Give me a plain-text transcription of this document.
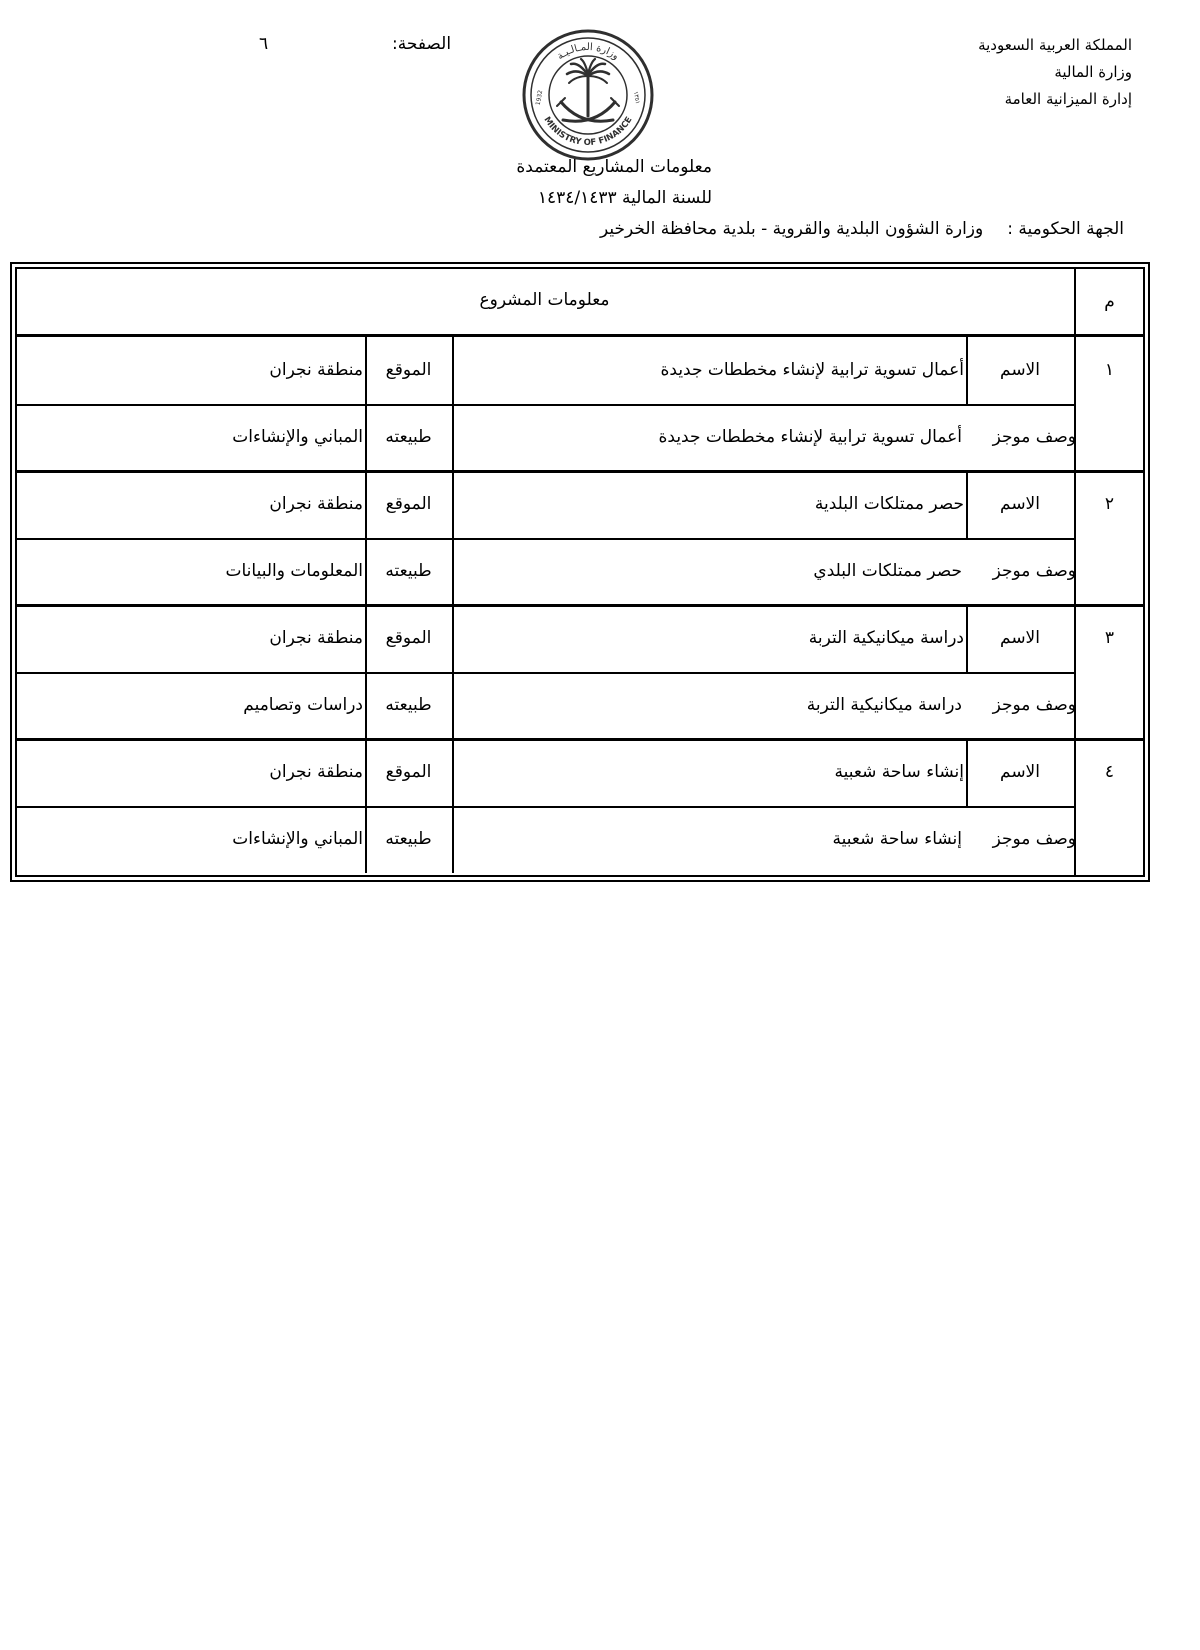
المملكة العربية السعودية
وزارة المالية
إدارة الميزانية العامة
الصفحة:
٦
وزارة المـالـيـة
MINISTRY OF FINANCE
1932	١٣٥١
معلومات المشاريع المعتمدة
للسنة المالية ١٤٣٤/١٤٣٣
الجهة الحكومية :وزارة الشؤون البلدية والقروية - بلدية محافظة الخرخير
م
معلومات المشروع
١
الاسم
أعمال تسوية ترابية لإنشاء مخططات جديدة
الموقع
منطقة نجران
وصف موجز
أعمال تسوية ترابية لإنشاء مخططات جديدة
طبيعته
المباني والإنشاءات
٢
الاسم
حصر ممتلكات البلدية
الموقع
منطقة نجران
وصف موجز
حصر ممتلكات البلدي
طبيعته
المعلومات والبيانات
٣
الاسم
دراسة ميكانيكية التربة
الموقع
منطقة نجران
وصف موجز
دراسة ميكانيكية التربة
طبيعته
دراسات وتصاميم
٤
الاسم
إنشاء ساحة شعبية
الموقع
منطقة نجران
وصف موجز
إنشاء ساحة شعبية
طبيعته
المباني والإنشاءات
